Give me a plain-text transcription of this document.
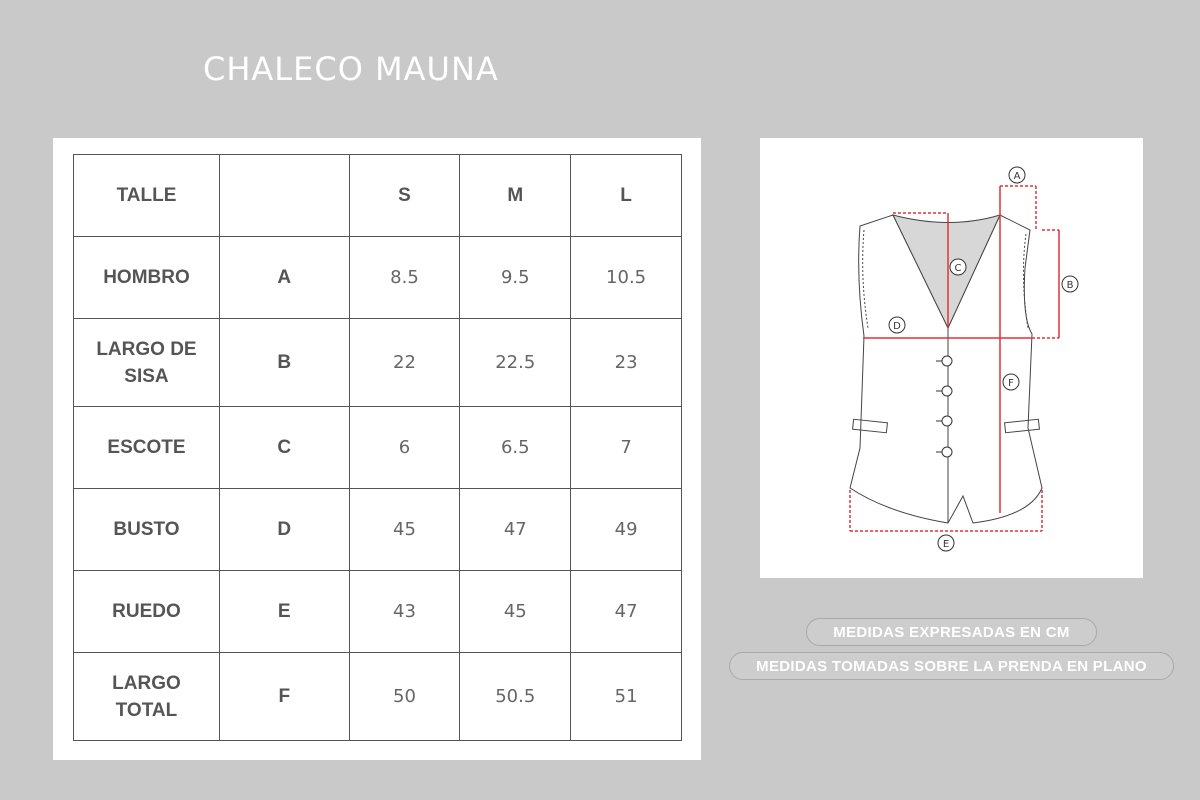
CHALECO MAUNA
TALLE		S	M	L
HOMBRO	A	8.5	9.5	10.5
LARGO DE SISA	B	22	22.5	23
ESCOTE	C	6	6.5	7
BUSTO	D	45	47	49
RUEDO	E	43	45	47
LARGO TOTAL	F	50	50.5	51
A
B
C
D
E
F
MEDIDAS EXPRESADAS EN CM
MEDIDAS TOMADAS SOBRE LA PRENDA EN PLANO
